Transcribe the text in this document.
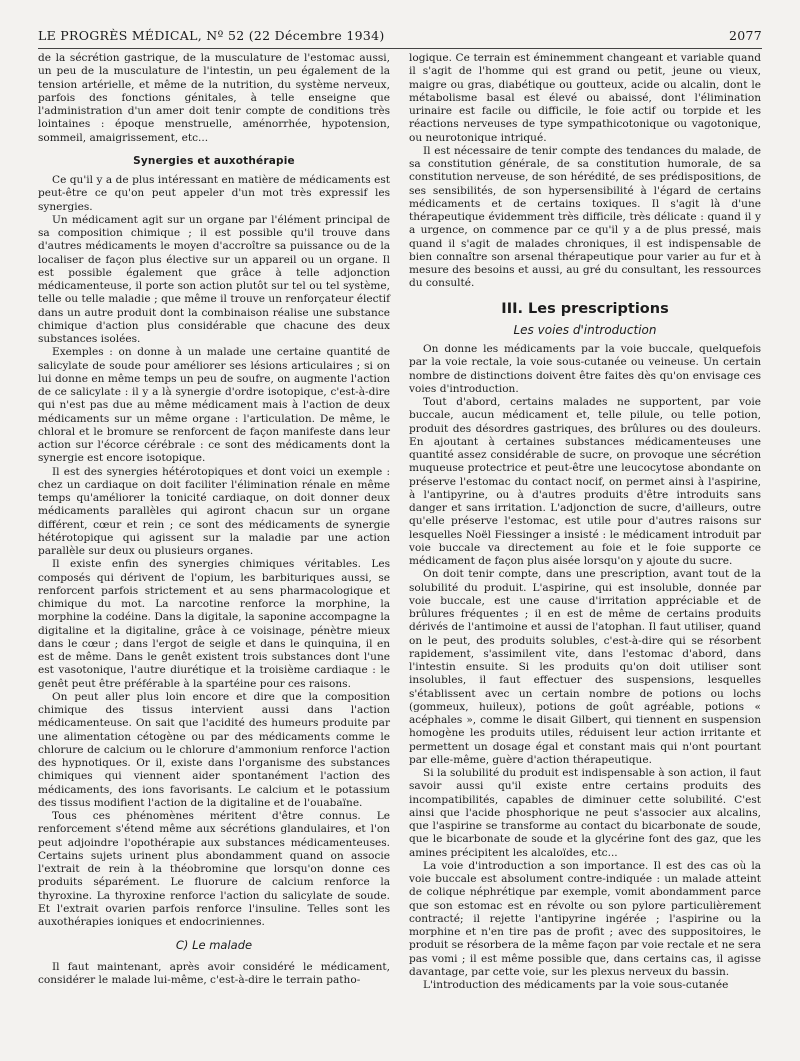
LE PROGRÈS MÉDICAL, Nº 52 (22 Décembre 1934)	2077

de la sécrétion gastrique, de la musculature de l'estomac aussi, un peu de la musculature de l'intestin, un peu également de la tension artérielle, et même de la nutrition, du système nerveux, parfois des fonctions génitales, à telle enseigne que l'administration d'un amer doit tenir compte de conditions très lointaines : époque menstruelle, aménorrhée, hypotension, sommeil, amaigrissement, etc...

Synergies et auxothérapie

Ce qu'il y a de plus intéressant en matière de médicaments est peut-être ce qu'on peut appeler d'un mot très expressif les synergies.

Un médicament agit sur un organe par l'élément principal de sa composition chimique ; il est possible qu'il trouve dans d'autres médicaments le moyen d'accroître sa puissance ou de la localiser de façon plus élective sur un appareil ou un organe. Il est possible également que grâce à telle adjonction médicamenteuse, il porte son action plutôt sur tel ou tel système, telle ou telle maladie ; que même il trouve un renforçateur électif dans un autre produit dont la combinaison réalise une substance chimique d'action plus considérable que chacune des deux substances isolées.

Exemples : on donne à un malade une certaine quantité de salicylate de soude pour améliorer ses lésions articulaires ; si on lui donne en même temps un peu de soufre, on augmente l'action de ce salicylate : il y a là synergie d'ordre isotopique, c'est-à-dire qui n'est pas due au même médicament mais à l'action de deux médicaments sur un même organe : l'articulation. De même, le chloral et le bromure se renforcent de façon manifeste dans leur action sur l'écorce cérébrale : ce sont des médicaments dont la synergie est encore isotopique.

Il est des synergies hétérotopiques et dont voici un exemple : chez un cardiaque on doit faciliter l'élimination rénale en même temps qu'améliorer la tonicité cardiaque, on doit donner deux médicaments parallèles qui agiront chacun sur un organe différent, cœur et rein ; ce sont des médicaments de synergie hétérotopique qui agissent sur la maladie par une action parallèle sur deux ou plusieurs organes.

Il existe enfin des synergies chimiques véritables. Les composés qui dérivent de l'opium, les barbituriques aussi, se renforcent parfois strictement et au sens pharmacologique et chimique du mot. La narcotine renforce la morphine, la morphine la codéine. Dans la digitale, la saponine accompagne la digitaline et la digitaline, grâce à ce voisinage, pénètre mieux dans le cœur ; dans l'ergot de seigle et dans le quinquina, il en est de même. Dans le genêt existent trois substances dont l'une est vasotonique, l'autre diurétique et la troisième cardiaque : le genêt peut être préférable à la spartéine pour ces raisons.

On peut aller plus loin encore et dire que la composition chimique des tissus intervient aussi dans l'action médicamenteuse. On sait que l'acidité des humeurs produite par une alimentation cétogène ou par des médicaments comme le chlorure de calcium ou le chlorure d'ammonium renforce l'action des hypnotiques. Or il, existe dans l'organisme des substances chimiques qui viennent aider spontanément l'action des médicaments, des ions favorisants. Le calcium et le potassium des tissus modifient l'action de la digitaline et de l'ouabaïne.

Tous ces phénomènes méritent d'être connus. Le renforcement s'étend même aux sécrétions glandulaires, et l'on peut adjoindre l'opothérapie aux substances médicamenteuses. Certains sujets urinent plus abondamment quand on associe l'extrait de rein à la théobromine que lorsqu'on donne ces produits séparément. Le fluorure de calcium renforce la thyroxine. La thyroxine renforce l'action du salicylate de soude. Et l'extrait ovarien parfois renforce l'insuline. Telles sont les auxothérapies ioniques et endocriniennes.

C) Le malade

Il faut maintenant, après avoir considéré le médicament, considérer le malade lui-même, c'est-à-dire le terrain patho-

logique. Ce terrain est éminemment changeant et variable quand il s'agit de l'homme qui est grand ou petit, jeune ou vieux, maigre ou gras, diabétique ou goutteux, acide ou alcalin, dont le métabolisme basal est élevé ou abaissé, dont l'élimination urinaire est facile ou difficile, le foie actif ou torpide et les réactions nerveuses de type sympathicotonique ou vagotonique, ou neurotonique intriqué.

Il est nécessaire de tenir compte des tendances du malade, de sa constitution générale, de sa constitution humorale, de sa constitution nerveuse, de son hérédité, de ses prédispositions, de ses sensibilités, de son hypersensibilité à l'égard de certains médicaments et de certains toxiques. Il s'agit là d'une thérapeutique évidemment très difficile, très délicate : quand il y a urgence, on commence par ce qu'il y a de plus pressé, mais quand il s'agit de malades chroniques, il est indispensable de bien connaître son arsenal thérapeutique pour varier au fur et à mesure des besoins et aussi, au gré du consultant, les ressources du consulté.

III. Les prescriptions
Les voies d'introduction

On donne les médicaments par la voie buccale, quelquefois par la voie rectale, la voie sous-cutanée ou veineuse. Un certain nombre de distinctions doivent être faites dès qu'on envisage ces voies d'introduction.

Tout d'abord, certains malades ne supportent, par voie buccale, aucun médicament et, telle pilule, ou telle potion, produit des désordres gastriques, des brûlures ou des douleurs. En ajoutant à certaines substances médicamenteuses une quantité assez considérable de sucre, on provoque une sécrétion muqueuse protectrice et peut-être une leucocytose abondante on préserve l'estomac du contact nocif, on permet ainsi à l'aspirine, à l'antipyrine, ou à d'autres produits d'être introduits sans danger et sans irritation. L'adjonction de sucre, d'ailleurs, outre qu'elle préserve l'estomac, est utile pour d'autres raisons sur lesquelles Noël Fiessinger a insisté : le médicament introduit par voie buccale va directement au foie et le foie supporte ce médicament de façon plus aisée lorsqu'on y ajoute du sucre.

On doit tenir compte, dans une prescription, avant tout de la solubilité du produit. L'aspirine, qui est insoluble, donnée par voie buccale, est une cause d'irritation appréciable et de brûlures fréquentes ; il en est de même de certains produits dérivés de l'antimoine et aussi de l'atophan. Il faut utiliser, quand on le peut, des produits solubles, c'est-à-dire qui se résorbent rapidement, s'assimilent vite, dans l'estomac d'abord, dans l'intestin ensuite. Si les produits qu'on doit utiliser sont insolubles, il faut effectuer des suspensions, lesquelles s'établissent avec un certain nombre de potions ou lochs (gommeux, huileux), potions de goût agréable, potions « acéphales », comme le disait Gilbert, qui tiennent en suspension homogène les produits utiles, réduisent leur action irritante et permettent un dosage égal et constant mais qui n'ont pourtant par elle-même, guère d'action thérapeutique.

Si la solubilité du produit est indispensable à son action, il faut savoir aussi qu'il existe entre certains produits des incompatibilités, capables de diminuer cette solubilité. C'est ainsi que l'acide phosphorique ne peut s'associer aux alcalins, que l'aspirine se transforme au contact du bicarbonate de soude, que le bicarbonate de soude et la glycérine font des gaz, que les amines précipitent les alcaloïdes, etc...

La voie d'introduction a son importance. Il est des cas où la voie buccale est absolument contre-indiquée : un malade atteint de colique néphrétique par exemple, vomit abondamment parce que son estomac est en révolte ou son pylore particulièrement contracté; il rejette l'antipyrine ingérée ; l'aspirine ou la morphine et n'en tire pas de profit ; avec des suppositoires, le produit se résorbera de la même façon par voie rectale et ne sera pas vomi ; il est même possible que, dans certains cas, il agisse davantage, par cette voie, sur les plexus nerveux du bassin.

L'introduction des médicaments par la voie sous-cutanée
